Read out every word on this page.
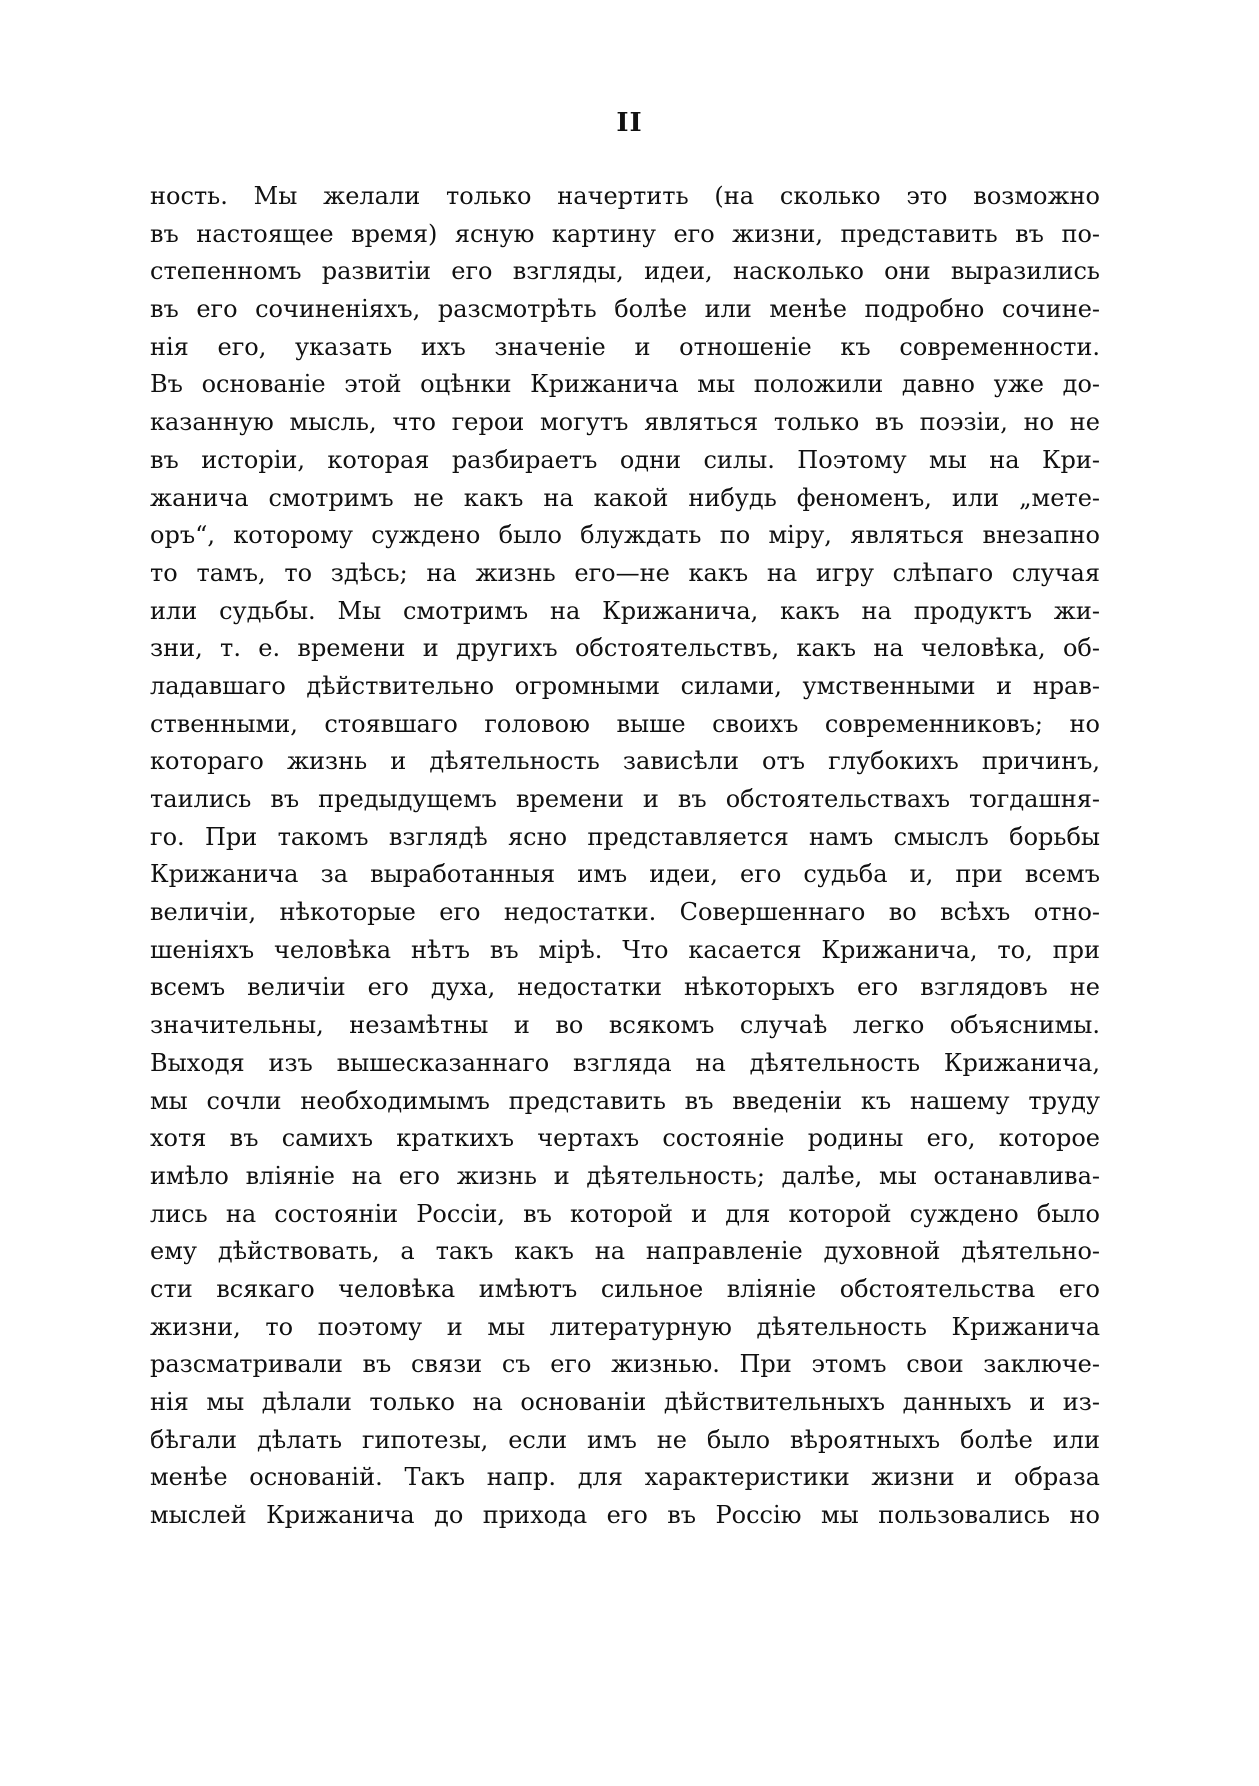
II
ность. Мы желали только начертить (на сколько это возможно
въ настоящее время) ясную картину его жизни, представить въ по-
степенномъ развитіи его взгляды, идеи, насколько они выразились
въ его сочиненіяхъ, разсмотрѣть болѣе или менѣе подробно сочине-
нія его, указать ихъ значеніе и отношеніе къ современности.
Въ основаніе этой оцѣнки Крижанича мы положили давно уже до-
казанную мысль, что герои могутъ являться только въ поэзіи, но не
въ исторіи, которая разбираетъ одни силы. Поэтому мы на Кри-
жанича смотримъ не какъ на какой нибудь феноменъ, или „мете-
оръ“, которому суждено было блуждать по міру, являться внезапно
то тамъ, то здѣсь; на жизнь его—не какъ на игру слѣпаго случая
или судьбы. Мы смотримъ на Крижанича, какъ на продуктъ жи-
зни, т. е. времени и другихъ обстоятельствъ, какъ на человѣка, об-
ладавшаго дѣйствительно огромными силами, умственными и нрав-
ственными, стоявшаго головою выше своихъ современниковъ; но
котораго жизнь и дѣятельность зависѣли отъ глубокихъ причинъ,
таились въ предыдущемъ времени и въ обстоятельствахъ тогдашня-
го. При такомъ взглядѣ ясно представляется намъ смыслъ борьбы
Крижанича за выработанныя имъ идеи, его судьба и, при всемъ
величіи, нѣкоторые его недостатки. Совершеннаго во всѣхъ отно-
шеніяхъ человѣка нѣтъ въ мірѣ. Что касается Крижанича, то, при
всемъ величіи его духа, недостатки нѣкоторыхъ его взглядовъ не
значительны, незамѣтны и во всякомъ случаѣ легко объяснимы.
Выходя изъ вышесказаннаго взгляда на дѣятельность Крижанича,
мы сочли необходимымъ представить въ введеніи къ нашему труду
хотя въ самихъ краткихъ чертахъ состояніе родины его, которое
имѣло вліяніе на его жизнь и дѣятельность; далѣе, мы останавлива-
лись на состояніи Россіи, въ которой и для которой суждено было
ему дѣйствовать, а такъ какъ на направленіе духовной дѣятельно-
сти всякаго человѣка имѣютъ сильное вліяніе обстоятельства его
жизни, то поэтому и мы литературную дѣятельность Крижанича
разсматривали въ связи съ его жизнью. При этомъ свои заключе-
нія мы дѣлали только на основаніи дѣйствительныхъ данныхъ и из-
бѣгали дѣлать гипотезы, если имъ не было вѣроятныхъ болѣе или
менѣе основаній. Такъ напр. для характеристики жизни и образа
мыслей Крижанича до прихода его въ Россію мы пользовались но
